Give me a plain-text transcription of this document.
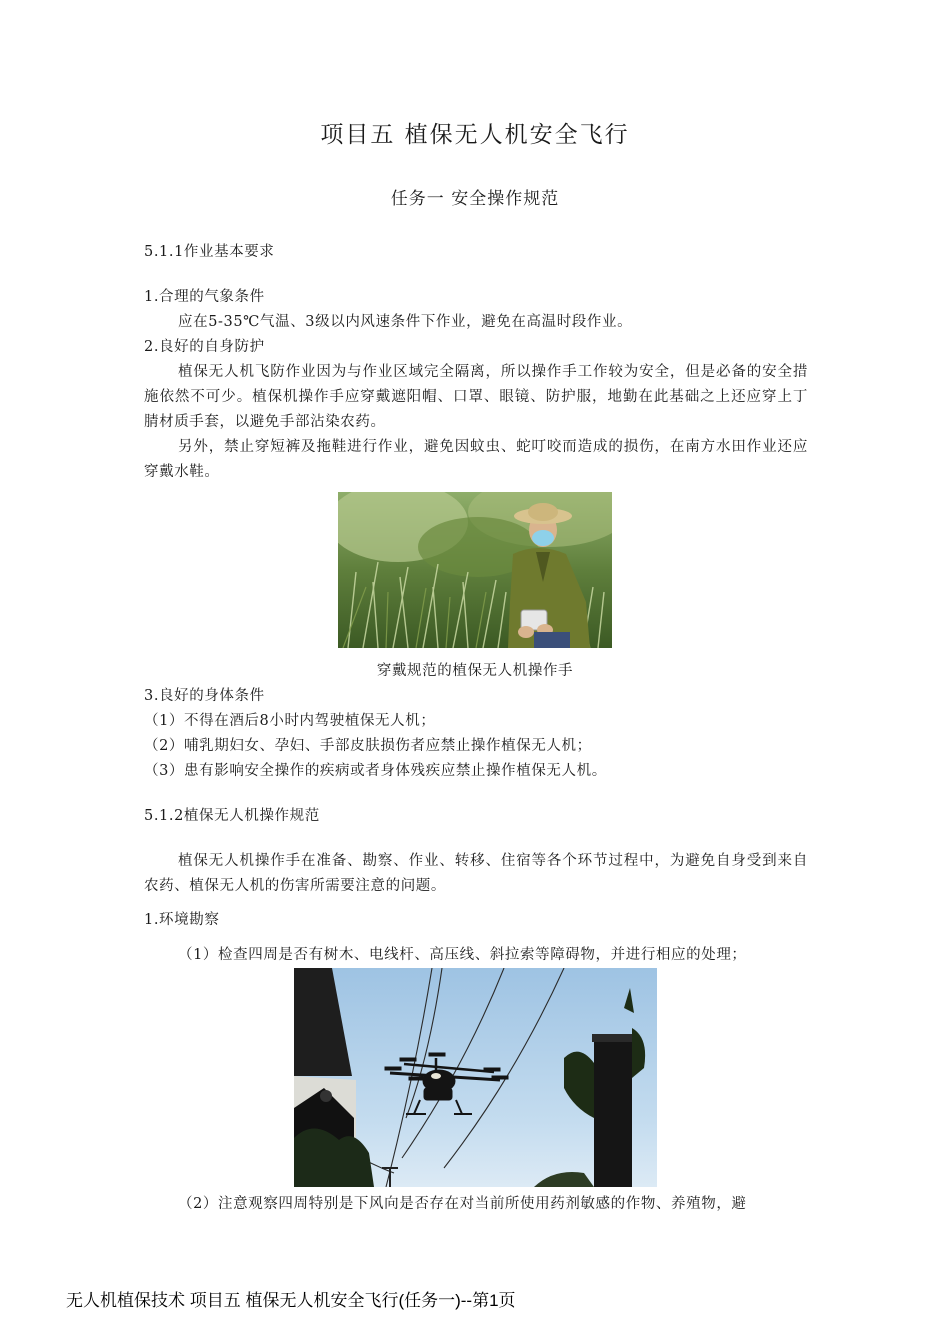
项目五 植保无人机安全飞行
任务一 安全操作规范
5.1.1作业基本要求
1.合理的气象条件
应在5-35℃气温、3级以内风速条件下作业，避免在高温时段作业。
2.良好的自身防护
植保无人机飞防作业因为与作业区域完全隔离，所以操作手工作较为安全，但是必备的安全措施依然不可少。植保机操作手应穿戴遮阳帽、口罩、眼镜、防护服，地勤在此基础之上还应穿上丁腈材质手套，以避免手部沾染农药。
另外，禁止穿短裤及拖鞋进行作业，避免因蚊虫、蛇叮咬而造成的损伤，在南方水田作业还应穿戴水鞋。
穿戴规范的植保无人机操作手
3.良好的身体条件
（1）不得在酒后8小时内驾驶植保无人机；
（2）哺乳期妇女、孕妇、手部皮肤损伤者应禁止操作植保无人机；
（3）患有影响安全操作的疾病或者身体残疾应禁止操作植保无人机。
5.1.2植保无人机操作规范
植保无人机操作手在准备、勘察、作业、转移、住宿等各个环节过程中，为避免自身受到来自农药、植保无人机的伤害所需要注意的问题。
1.环境勘察
（1）检查四周是否有树木、电线杆、高压线、斜拉索等障碍物，并进行相应的处理；
（2）注意观察四周特别是下风向是否存在对当前所使用药剂敏感的作物、养殖物，避
无人机植保技术 项目五 植保无人机安全飞行(任务一)--第1页
